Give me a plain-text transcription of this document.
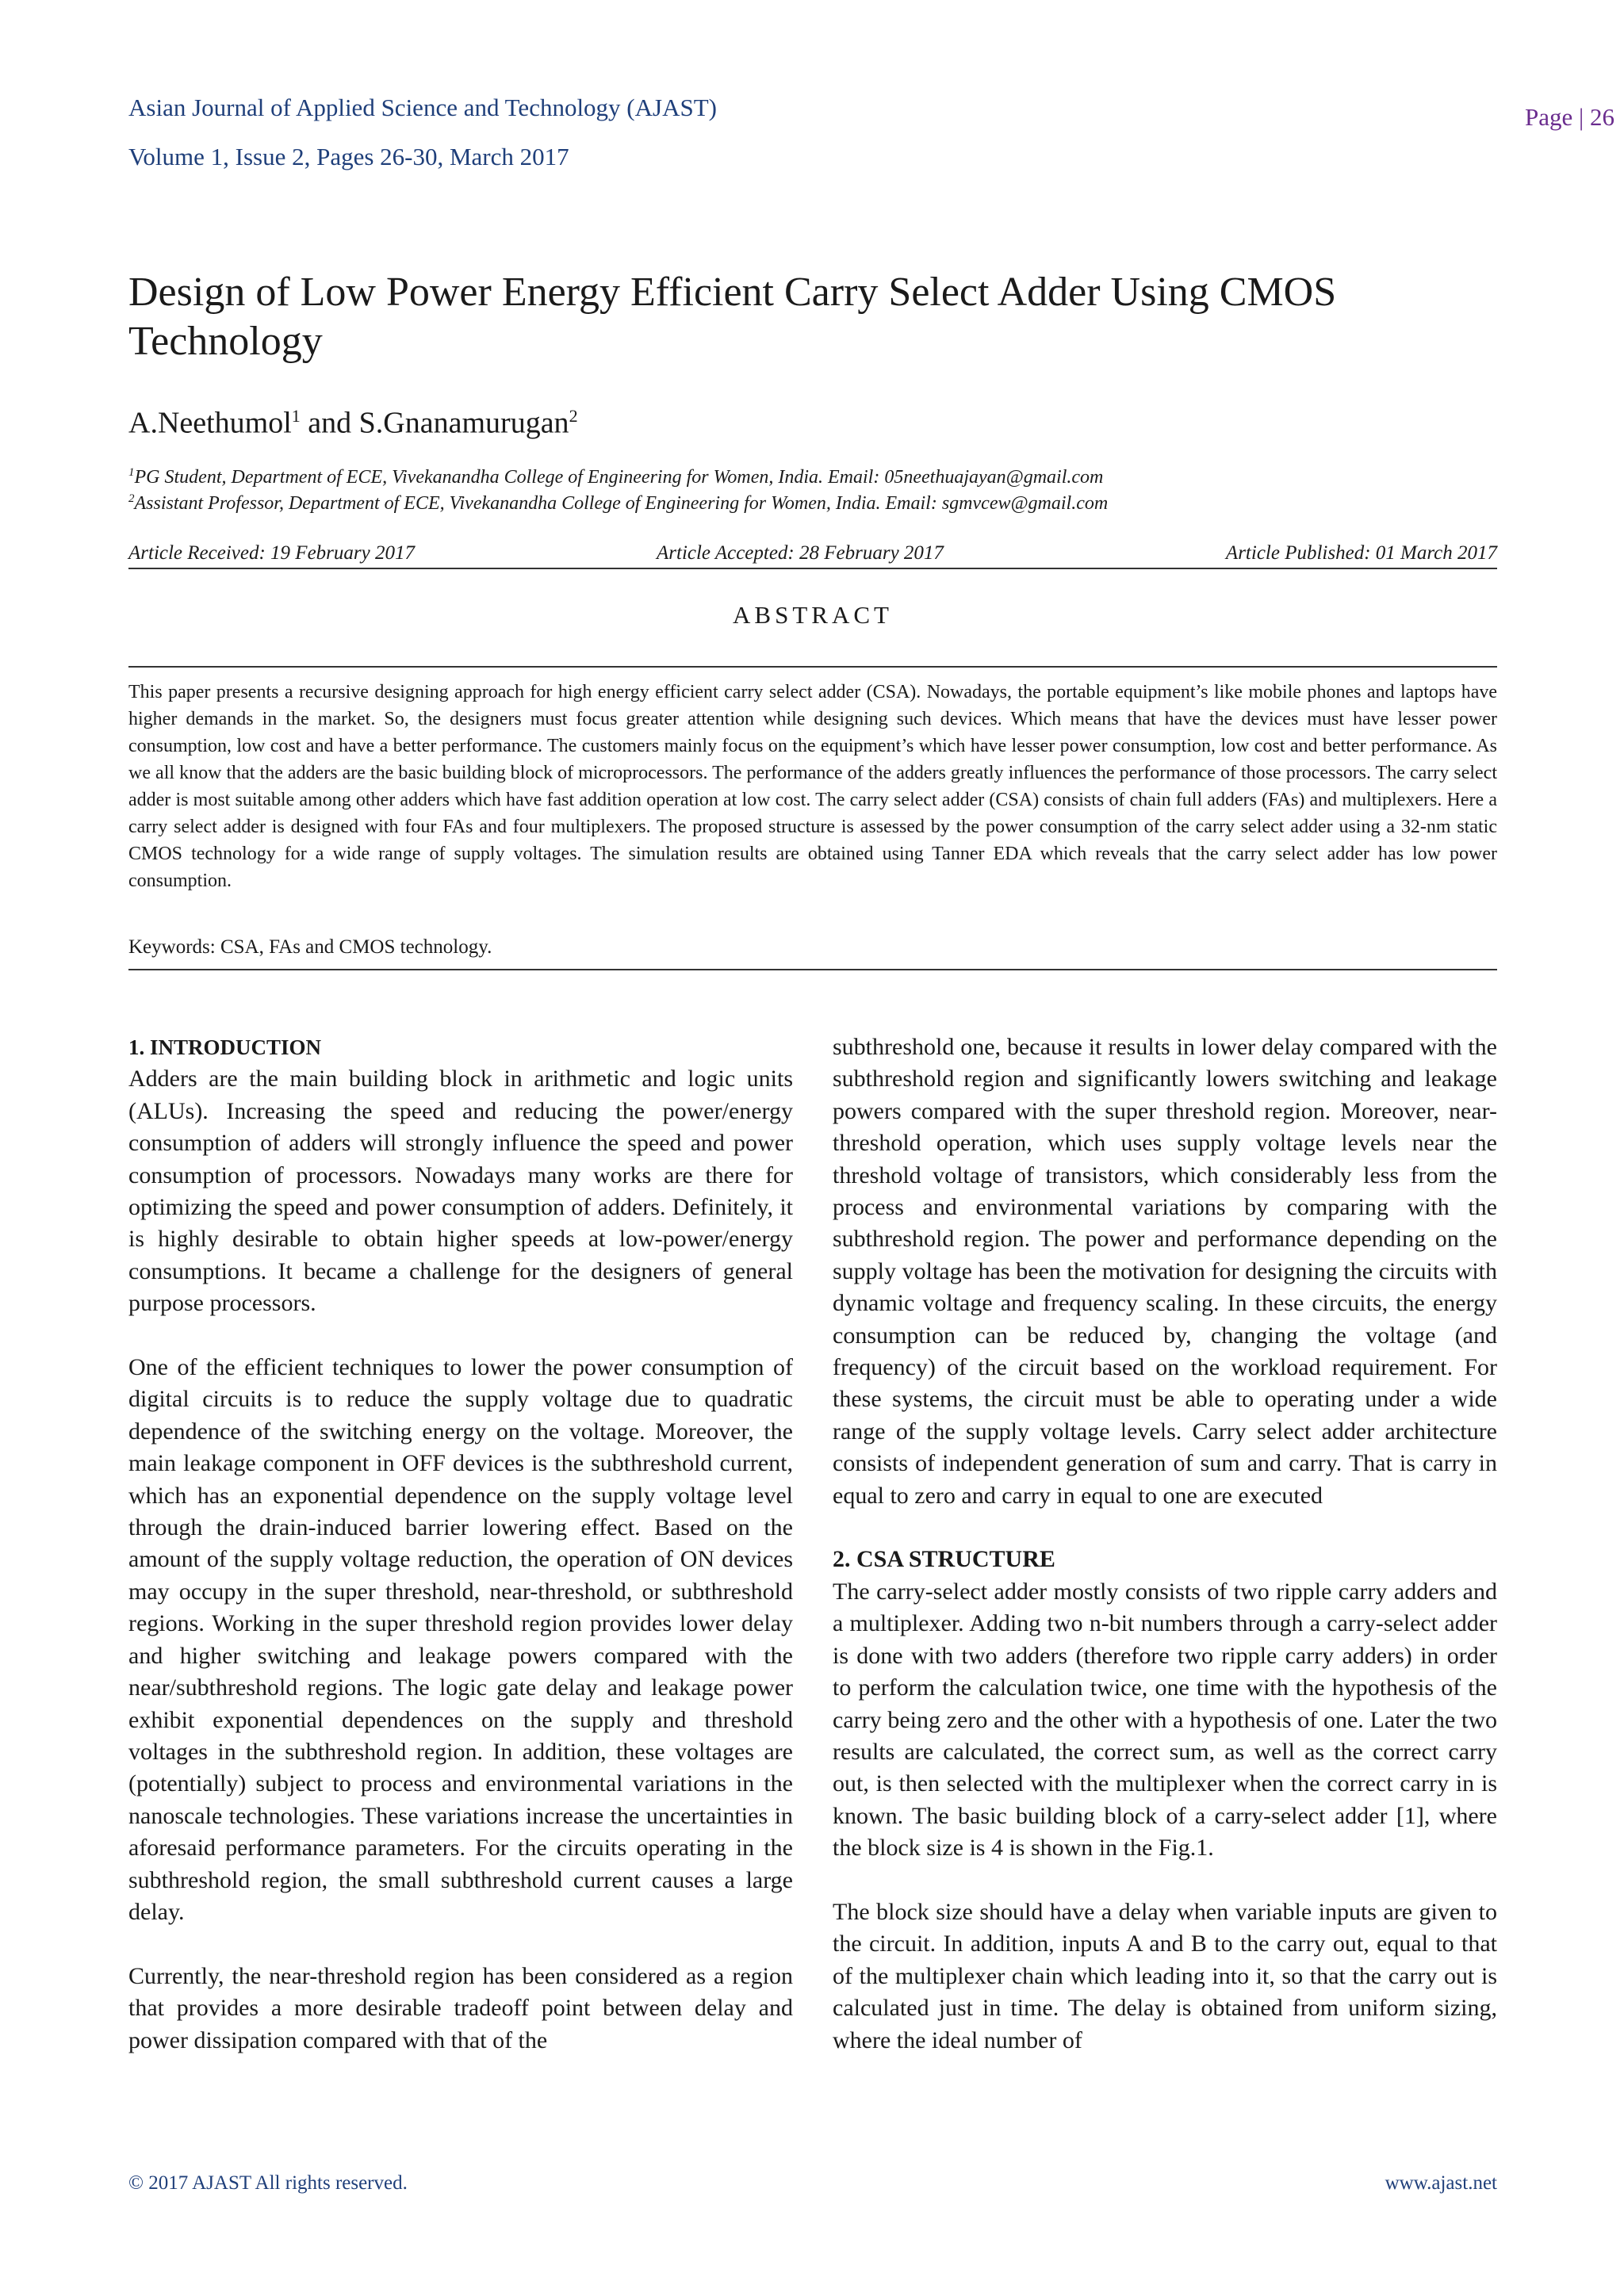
Asian Journal of Applied Science and Technology (AJAST)
Volume 1, Issue 2, Pages 26-30, March 2017
Page | 26
Design of Low Power Energy Efficient Carry Select Adder Using CMOS Technology
A.Neethumol$^1$ and S.Gnanamurugan$^2$
$^1$PG Student, Department of ECE, Vivekanandha College of Engineering for Women, India. Email: 05neethuajayan@gmail.com
$^2$Assistant Professor, Department of ECE, Vivekanandha College of Engineering for Women, India. Email: sgmvcew@gmail.com
Article Received: 19 February 2017	Article Accepted: 28 February 2017	Article Published: 01 March 2017
ABSTRACT
This paper presents a recursive designing approach for high energy efficient carry select adder (CSA). Nowadays, the portable equipment’s like mobile phones and laptops have higher demands in the market. So, the designers must focus greater attention while designing such devices. Which means that have the devices must have lesser power consumption, low cost and have a better performance. The customers mainly focus on the equipment’s which have lesser power consumption, low cost and better performance. As we all know that the adders are the basic building block of microprocessors. The performance of the adders greatly influences the performance of those processors. The carry select adder is most suitable among other adders which have fast addition operation at low cost. The carry select adder (CSA) consists of chain full adders (FAs) and multiplexers. Here a carry select adder is designed with four FAs and four multiplexers. The proposed structure is assessed by the power consumption of the carry select adder using a 32-nm static CMOS technology for a wide range of supply voltages. The simulation results are obtained using Tanner EDA which reveals that the carry select adder has low power consumption.
Keywords: CSA, FAs and CMOS technology.

1. INTRODUCTION

Adders are the main building block in arithmetic and logic units (ALUs). Increasing the speed and reducing the power/energy consumption of adders will strongly influence the speed and power consumption of processors. Nowadays many works are there for optimizing the speed and power consumption of adders. Definitely, it is highly desirable to obtain higher speeds at low-power/energy consumptions. It became a challenge for the designers of general purpose processors.

One of the efficient techniques to lower the power consumption of digital circuits is to reduce the supply voltage due to quadratic dependence of the switching energy on the voltage. Moreover, the main leakage component in OFF devices is the subthreshold current, which has an exponential dependence on the supply voltage level through the drain-induced barrier lowering effect. Based on the amount of the supply voltage reduction, the operation of ON devices may occupy in the super threshold, near-threshold, or subthreshold regions. Working in the super threshold region provides lower delay and higher switching and leakage powers compared with the near/subthreshold regions. The logic gate delay and leakage power exhibit exponential dependences on the supply and threshold voltages in the subthreshold region. In addition, these voltages are (potentially) subject to process and environmental variations in the nanoscale technologies. These variations increase the uncertainties in aforesaid performance parameters. For the circuits operating in the subthreshold region, the small subthreshold current causes a large delay.

Currently, the near-threshold region has been considered as a region that provides a more desirable tradeoff point between delay and power dissipation compared with that of the

subthreshold one, because it results in lower delay compared with the subthreshold region and significantly lowers switching and leakage powers compared with the super threshold region. Moreover, near-threshold operation, which uses supply voltage levels near the threshold voltage of transistors, which considerably less from the process and environmental variations by comparing with the subthreshold region. The power and performance depending on the supply voltage has been the motivation for designing the circuits with dynamic voltage and frequency scaling. In these circuits, the energy consumption can be reduced by, changing the voltage (and frequency) of the circuit based on the workload requirement. For these systems, the circuit must be able to operating under a wide range of the supply voltage levels. Carry select adder architecture consists of independent generation of sum and carry. That is carry in equal to zero and carry in equal to one are executed

2. CSA STRUCTURE

The carry-select adder mostly consists of two ripple carry adders and a multiplexer. Adding two n-bit numbers through a carry-select adder is done with two adders (therefore two ripple carry adders) in order to perform the calculation twice, one time with the hypothesis of the carry being zero and the other with a hypothesis of one. Later the two results are calculated, the correct sum, as well as the correct carry out, is then selected with the multiplexer when the correct carry in is known. The basic building block of a carry-select adder [1], where the block size is 4 is shown in the Fig.1.

The block size should have a delay when variable inputs are given to the circuit. In addition, inputs A and B to the carry out, equal to that of the multiplexer chain which leading into it, so that the carry out is calculated just in time. The delay is obtained from uniform sizing, where the ideal number of

© 2017 AJAST All rights reserved.	www.ajast.net
